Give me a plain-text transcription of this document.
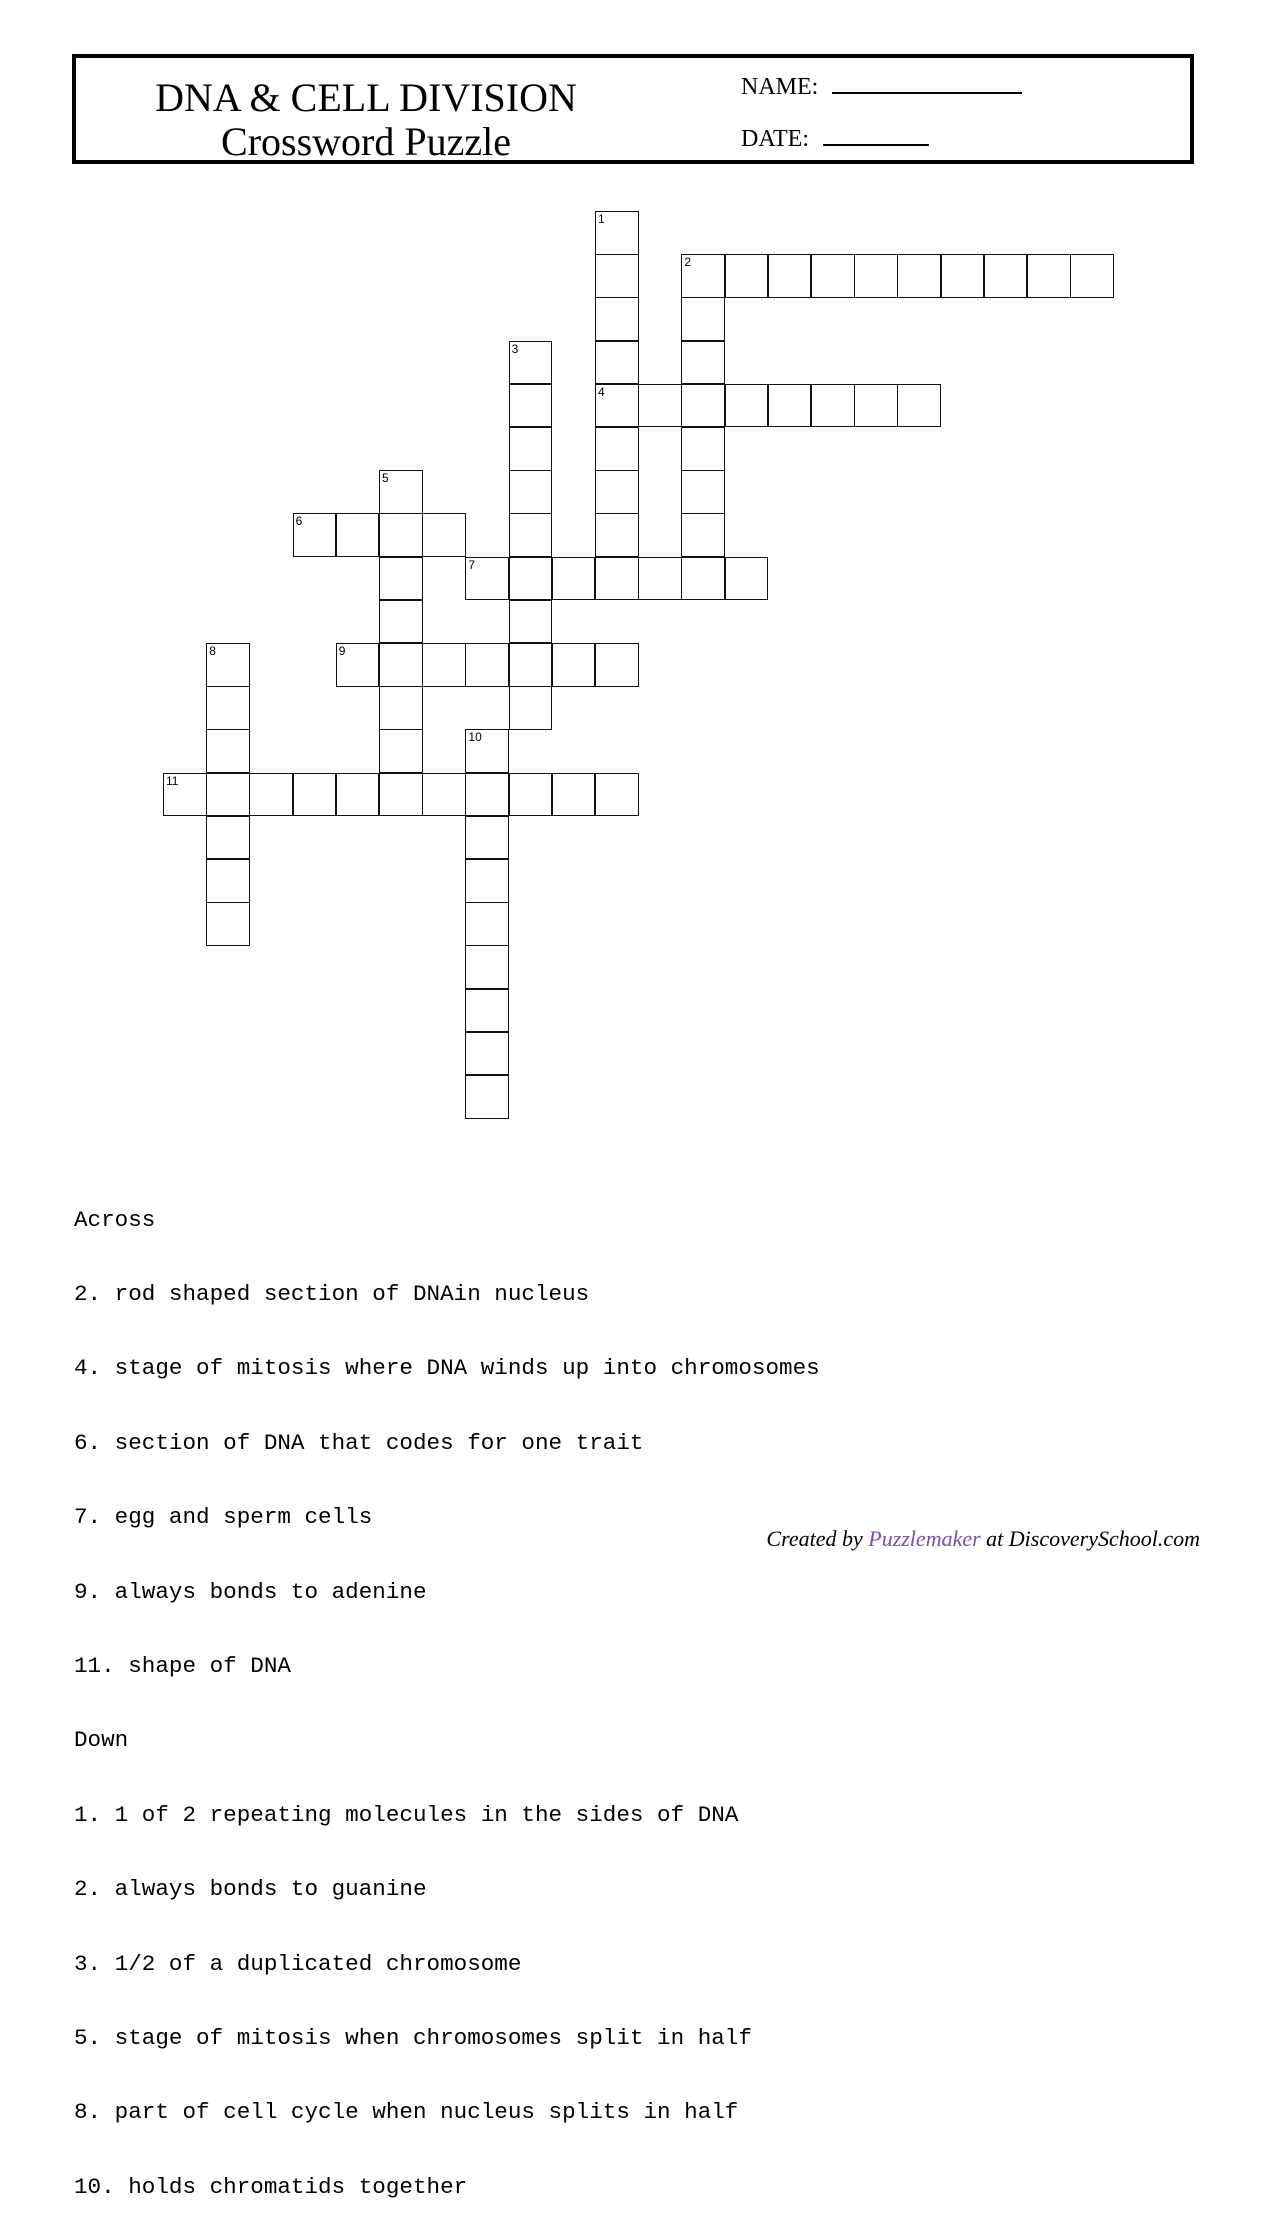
DNA & CELL DIVISION
Crossword Puzzle
NAME:
DATE:
1
2
3
4
5
6
7
8	9
10
11

Across

2. rod shaped section of DNAin nucleus

4. stage of mitosis where DNA winds up into chromosomes

6. section of DNA that codes for one trait

7. egg and sperm cells

9. always bonds to adenine

11. shape of DNA

Down

1. 1 of 2 repeating molecules in the sides of DNA

2. always bonds to guanine

3. 1/2 of a duplicated chromosome

5. stage of mitosis when chromosomes split in half

8. part of cell cycle when nucleus splits in half

10. holds chromatids together

Created by Puzzlemaker at DiscoverySchool.com
